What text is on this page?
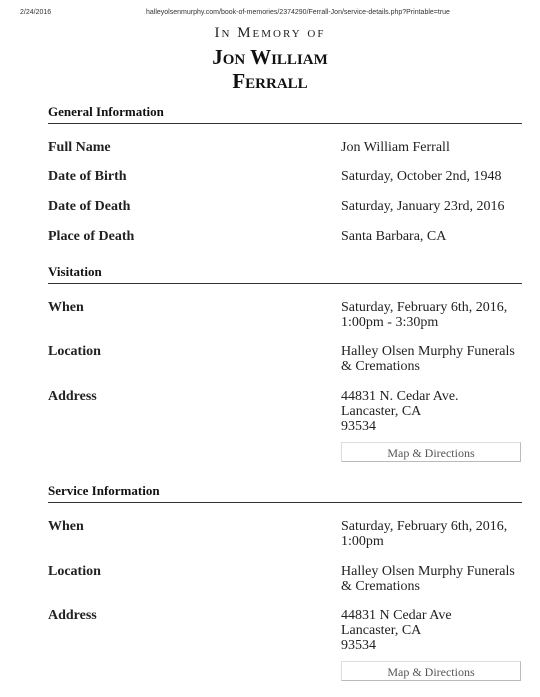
2/24/2016	halleyolsenmurphy.com/book-of-memories/2374290/Ferrall-Jon/service-details.php?Printable=true
In Memory of
Jon William
Ferrall
General Information
Full Name	Jon William Ferrall
Date of Birth	Saturday, October 2nd, 1948
Date of Death	Saturday, January 23rd, 2016
Place of Death	Santa Barbara, CA
Visitation
When	Saturday, February 6th, 2016,
1:00pm - 3:30pm
Location	Halley Olsen Murphy Funerals
& Cremations
Address	44831 N. Cedar Ave.
Lancaster, CA
93534
Map & Directions
Service Information
When	Saturday, February 6th, 2016,
1:00pm
Location	Halley Olsen Murphy Funerals
& Cremations
Address	44831 N Cedar Ave
Lancaster, CA
93534
Map & Directions
